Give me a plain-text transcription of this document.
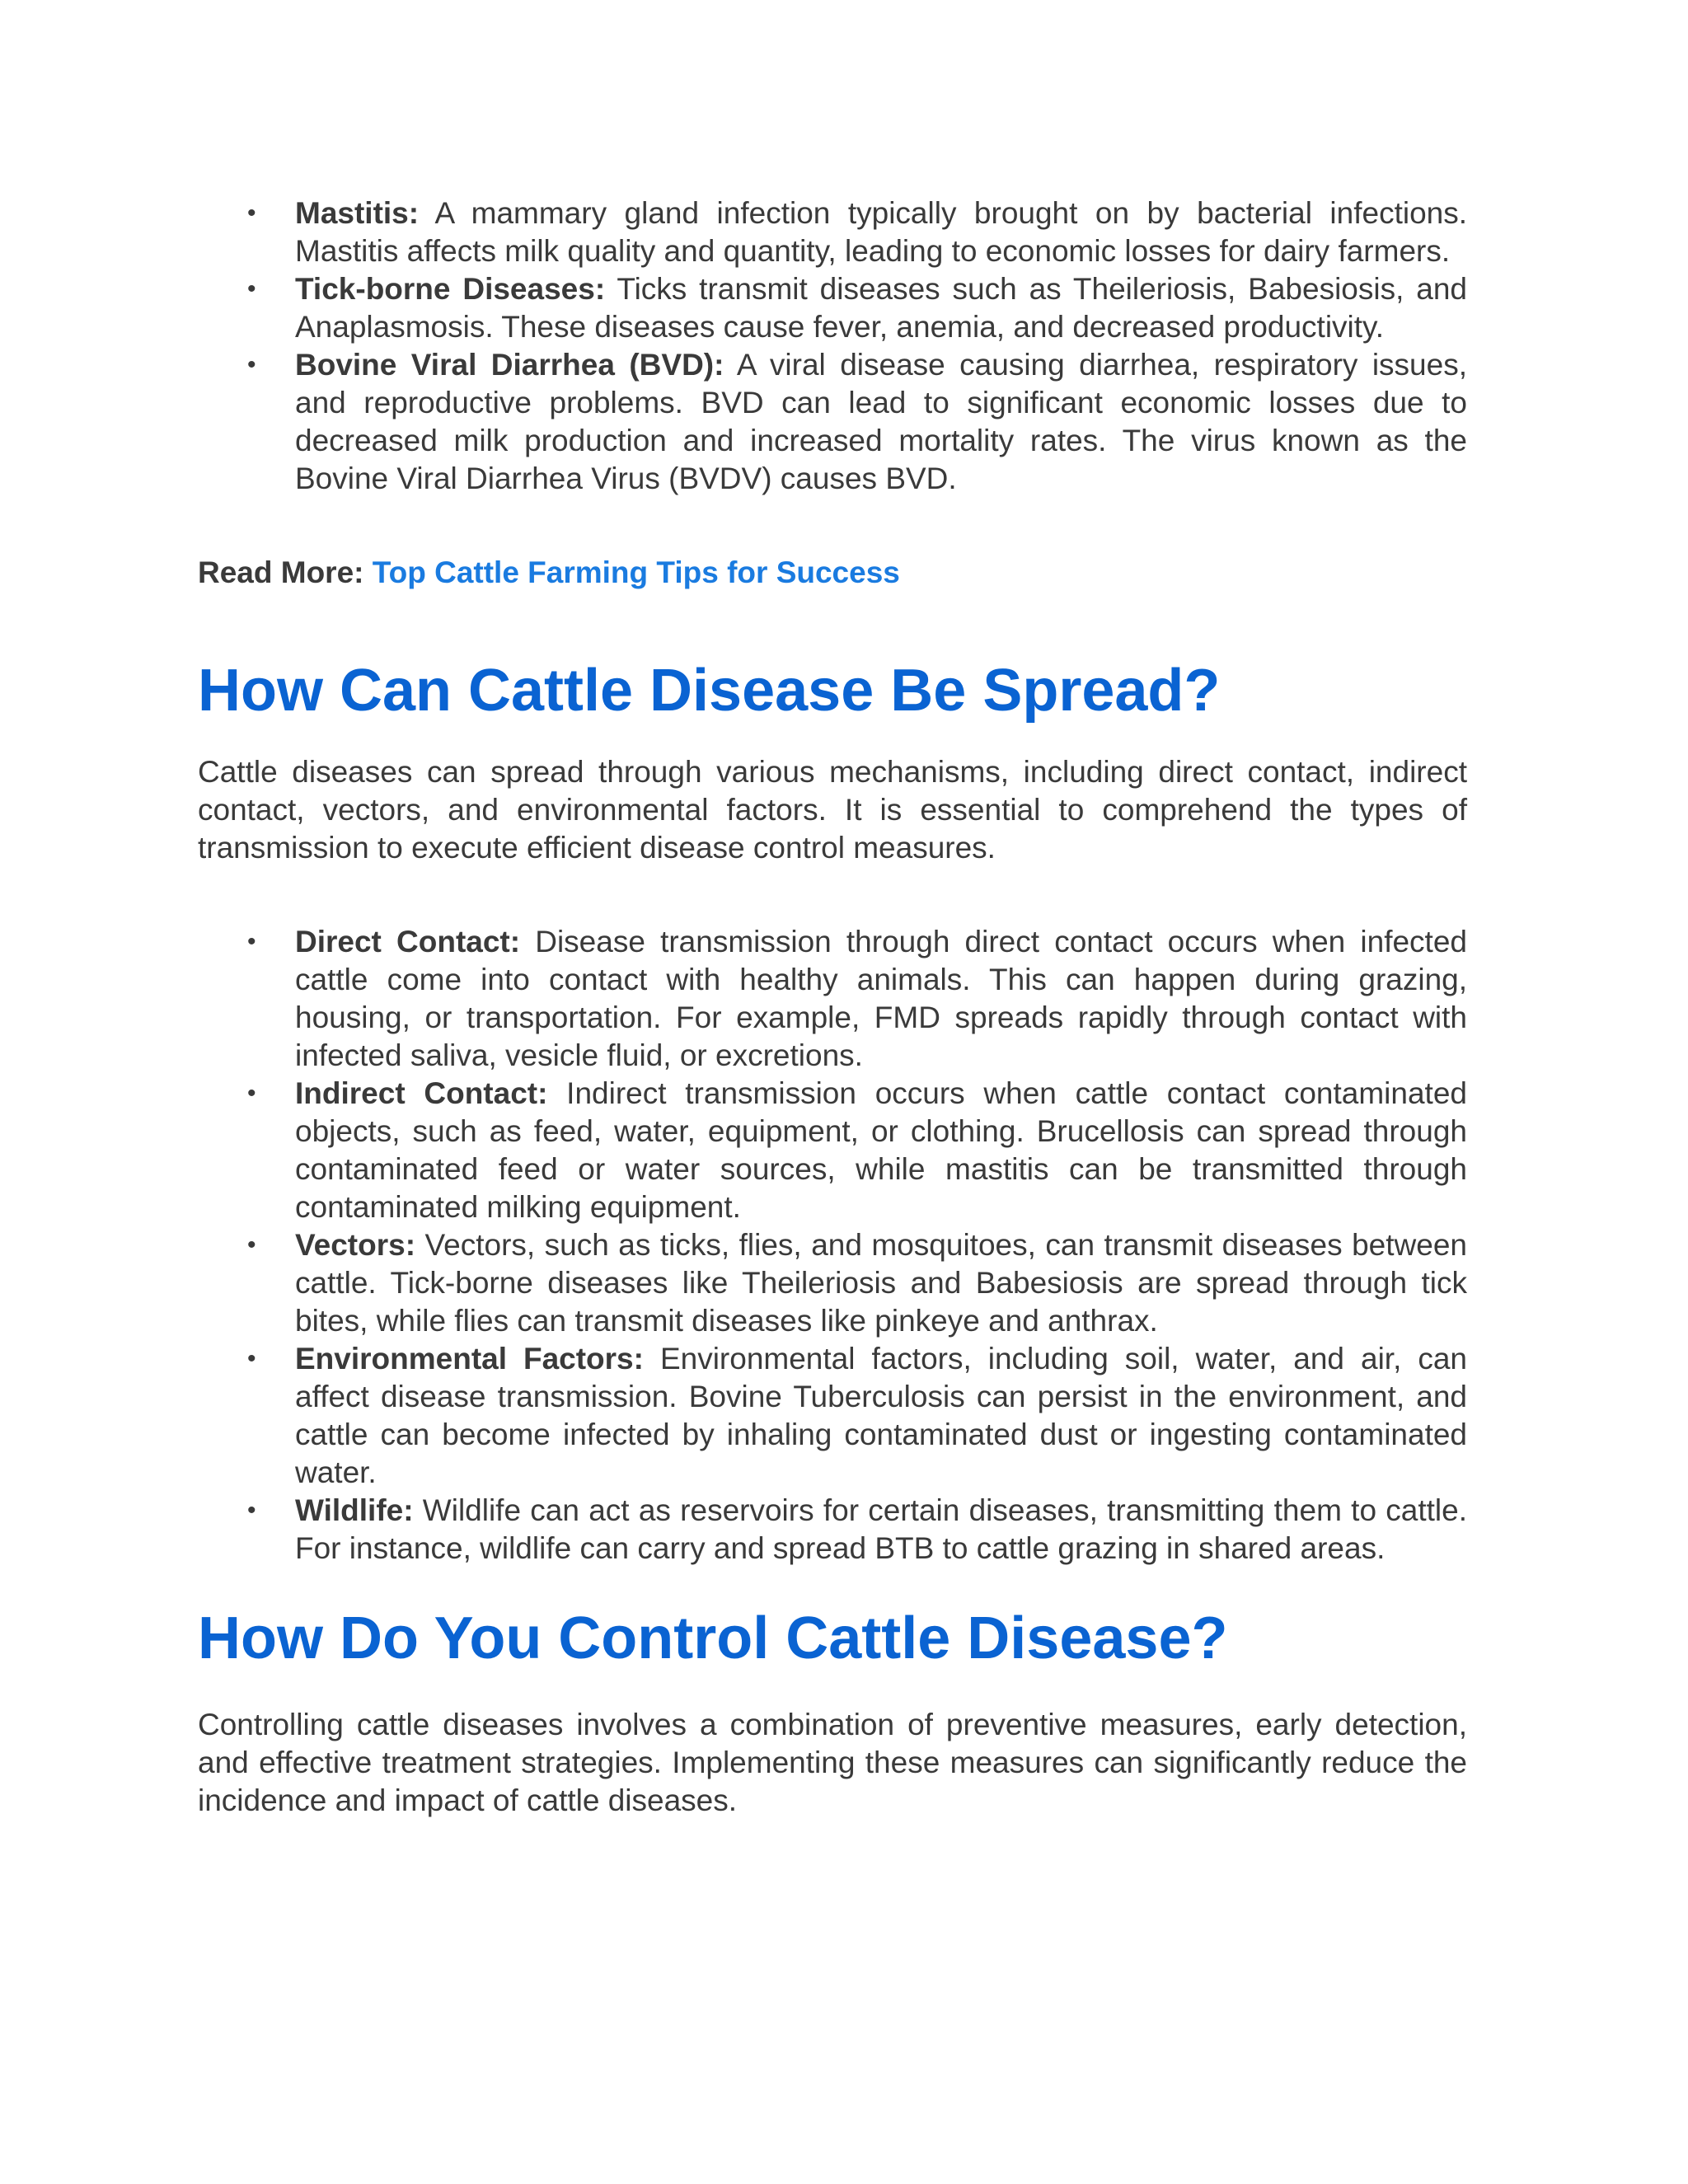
• Mastitis: A mammary gland infection typically brought on by bacterial infections. Mastitis affects milk quality and quantity, leading to economic losses for dairy farmers.
• Tick-borne Diseases: Ticks transmit diseases such as Theileriosis, Babesiosis, and Anaplasmosis. These diseases cause fever, anemia, and decreased productivity.
• Bovine Viral Diarrhea (BVD): A viral disease causing diarrhea, respiratory issues, and reproductive problems. BVD can lead to significant economic losses due to decreased milk production and increased mortality rates. The virus known as the Bovine Viral Diarrhea Virus (BVDV) causes BVD.

Read More: Top Cattle Farming Tips for Success

How Can Cattle Disease Be Spread?

Cattle diseases can spread through various mechanisms, including direct contact, indirect contact, vectors, and environmental factors. It is essential to comprehend the types of transmission to execute efficient disease control measures.

• Direct Contact: Disease transmission through direct contact occurs when infected cattle come into contact with healthy animals. This can happen during grazing, housing, or transportation. For example, FMD spreads rapidly through contact with infected saliva, vesicle fluid, or excretions.
• Indirect Contact: Indirect transmission occurs when cattle contact contaminated objects, such as feed, water, equipment, or clothing. Brucellosis can spread through contaminated feed or water sources, while mastitis can be transmitted through contaminated milking equipment.
• Vectors: Vectors, such as ticks, flies, and mosquitoes, can transmit diseases between cattle. Tick-borne diseases like Theileriosis and Babesiosis are spread through tick bites, while flies can transmit diseases like pinkeye and anthrax.
• Environmental Factors: Environmental factors, including soil, water, and air, can affect disease transmission. Bovine Tuberculosis can persist in the environment, and cattle can become infected by inhaling contaminated dust or ingesting contaminated water.
• Wildlife: Wildlife can act as reservoirs for certain diseases, transmitting them to cattle. For instance, wildlife can carry and spread BTB to cattle grazing in shared areas.
How Do You Control Cattle Disease?

Controlling cattle diseases involves a combination of preventive measures, early detection, and effective treatment strategies. Implementing these measures can significantly reduce the incidence and impact of cattle diseases.
